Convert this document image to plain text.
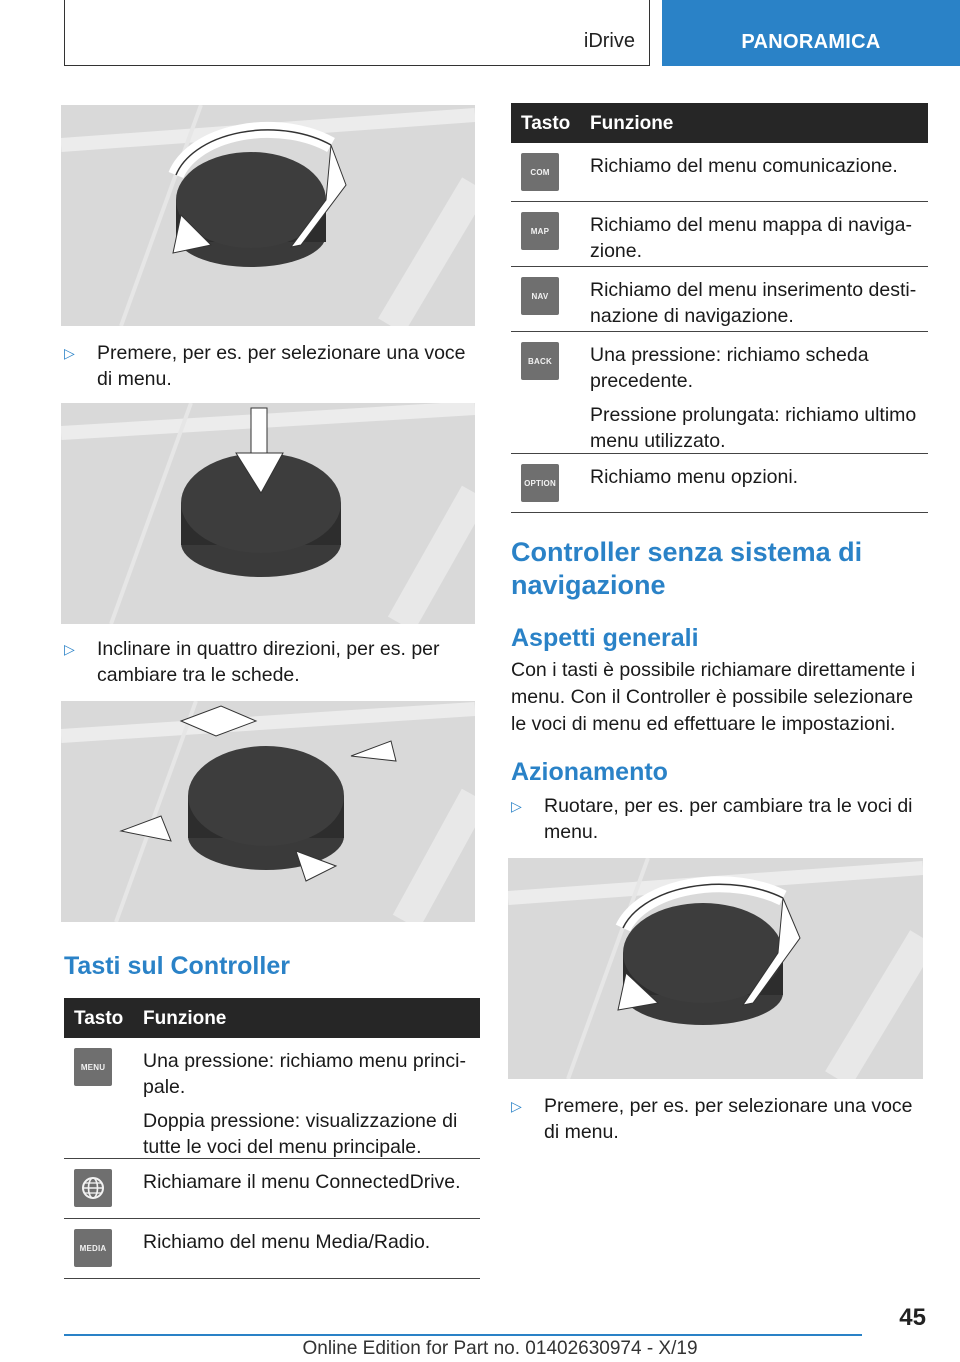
iDrive	PANORAMICA
▷	Premere, per es. per selezionare una voce di menu.
▷	Inclinare in quattro direzioni, per es. per cambiare tra le schede.
Tasti sul Controller
Tasto Funzione
MENU	Una pressione: richiamo menu principale.

Doppia pressione: visualizzazione di tutte le voci del menu principale.

Richiamare il menu ConnectedDrive.

MEDIA Richiamo del menu Media/Radio.

Tasto Funzione
COM	Richiamo del menu comunicazione.

MAP	Richiamo del menu mappa di navigazione.

NAV	Richiamo del menu inserimento destinazione di navigazione.

BACK	Una pressione: richiamo scheda precedente.

Pressione prolungata: richiamo ultimo menu utilizzato.

OPTION Richiamo menu opzioni.

Controller senza sistema di navigazione
Aspetti generali
Con i tasti è possibile richiamare direttamente i menu. Con il Controller è possibile selezionare le voci di menu ed effettuare le impostazioni.
Azionamento
▷	Ruotare, per es. per cambiare tra le voci di menu.
▷	Premere, per es. per selezionare una voce di menu.
45
Online Edition for Part no. 01402630974 - X/19
